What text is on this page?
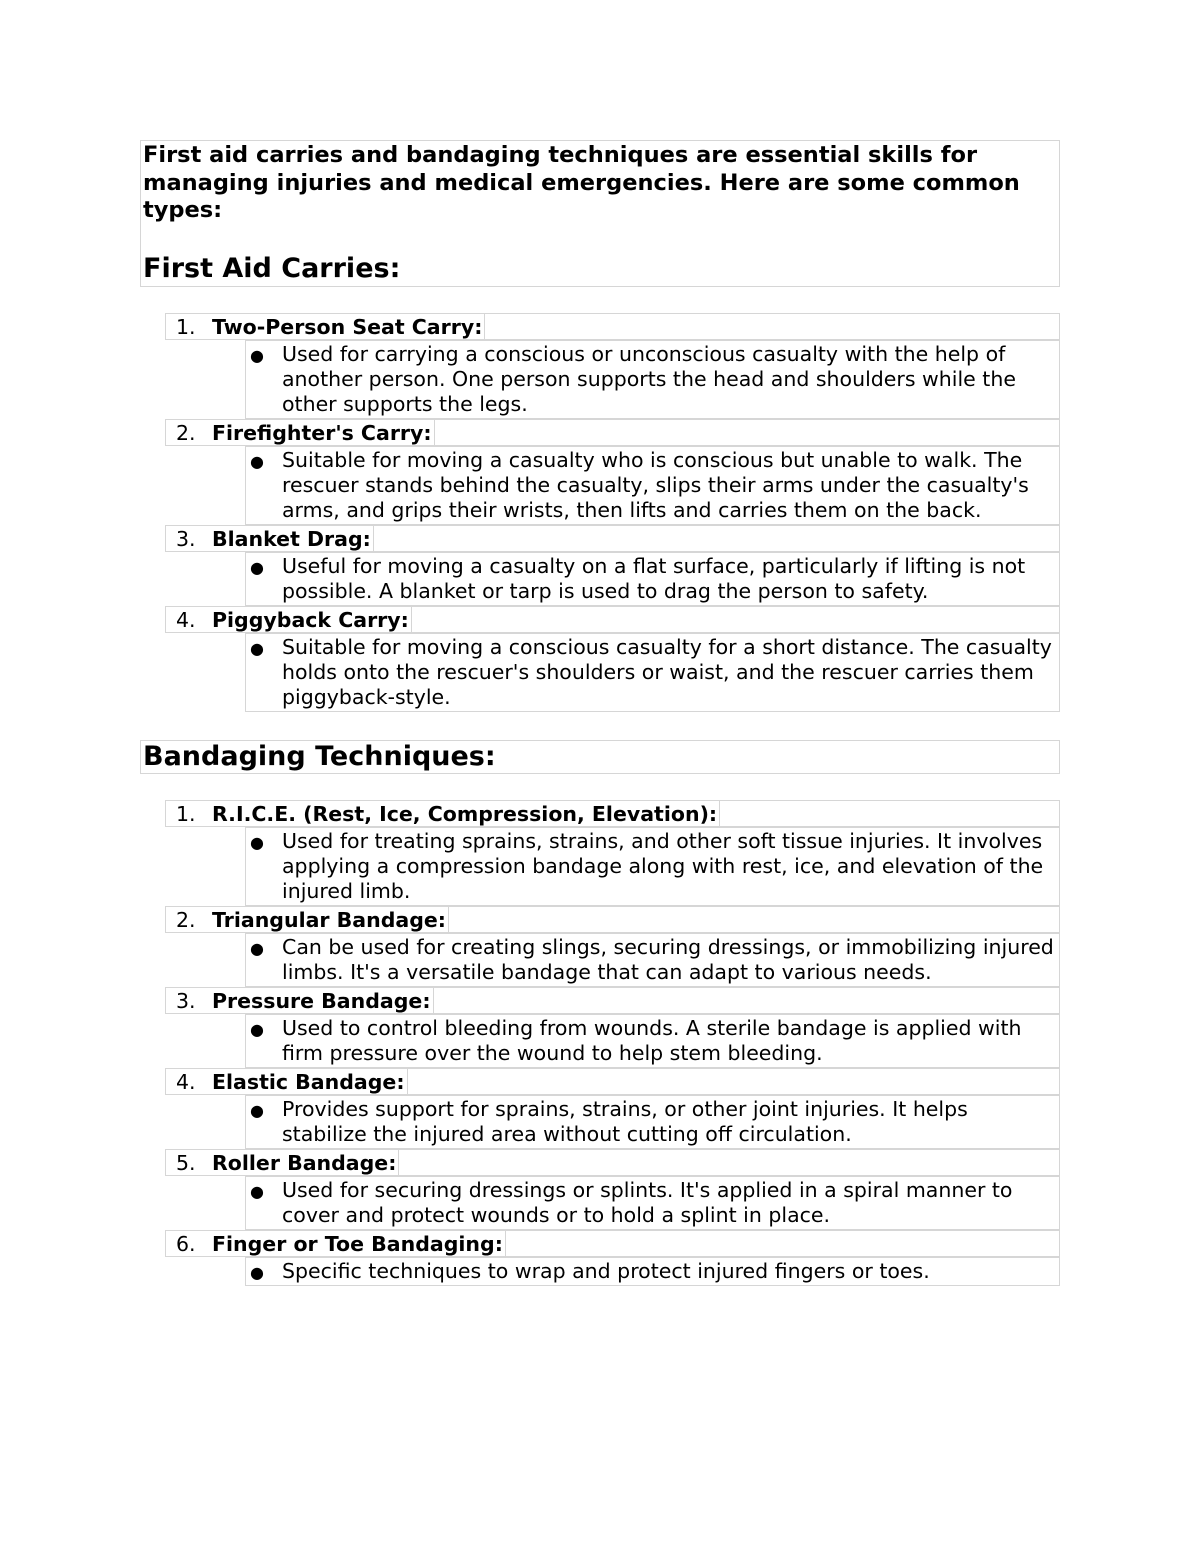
First aid carries and bandaging techniques are essential skills for managing injuries and medical emergencies. Here are some common types:

First Aid Carries:
1. Two-Person Seat Carry:
● Used for carrying a conscious or unconscious casualty with the help of another person. One person supports the head and shoulders while the other supports the legs.
2. Firefighter's Carry:
● Suitable for moving a casualty who is conscious but unable to walk. The rescuer stands behind the casualty, slips their arms under the casualty's arms, and grips their wrists, then lifts and carries them on the back.
3. Blanket Drag:
● Useful for moving a casualty on a flat surface, particularly if lifting is not possible. A blanket or tarp is used to drag the person to safety.
4. Piggyback Carry:
● Suitable for moving a conscious casualty for a short distance. The casualty holds onto the rescuer's shoulders or waist, and the rescuer carries them piggyback-style.
Bandaging Techniques:
1. R.I.C.E. (Rest, Ice, Compression, Elevation):
● Used for treating sprains, strains, and other soft tissue injuries. It involves applying a compression bandage along with rest, ice, and elevation of the injured limb.
2. Triangular Bandage:
● Can be used for creating slings, securing dressings, or immobilizing injured limbs. It's a versatile bandage that can adapt to various needs.
3. Pressure Bandage:
● Used to control bleeding from wounds. A sterile bandage is applied with firm pressure over the wound to help stem bleeding.
4. Elastic Bandage:
● Provides support for sprains, strains, or other joint injuries. It helps stabilize the injured area without cutting off circulation.
5. Roller Bandage:
● Used for securing dressings or splints. It's applied in a spiral manner to cover and protect wounds or to hold a splint in place.
6. Finger or Toe Bandaging:
● Specific techniques to wrap and protect injured fingers or toes.
